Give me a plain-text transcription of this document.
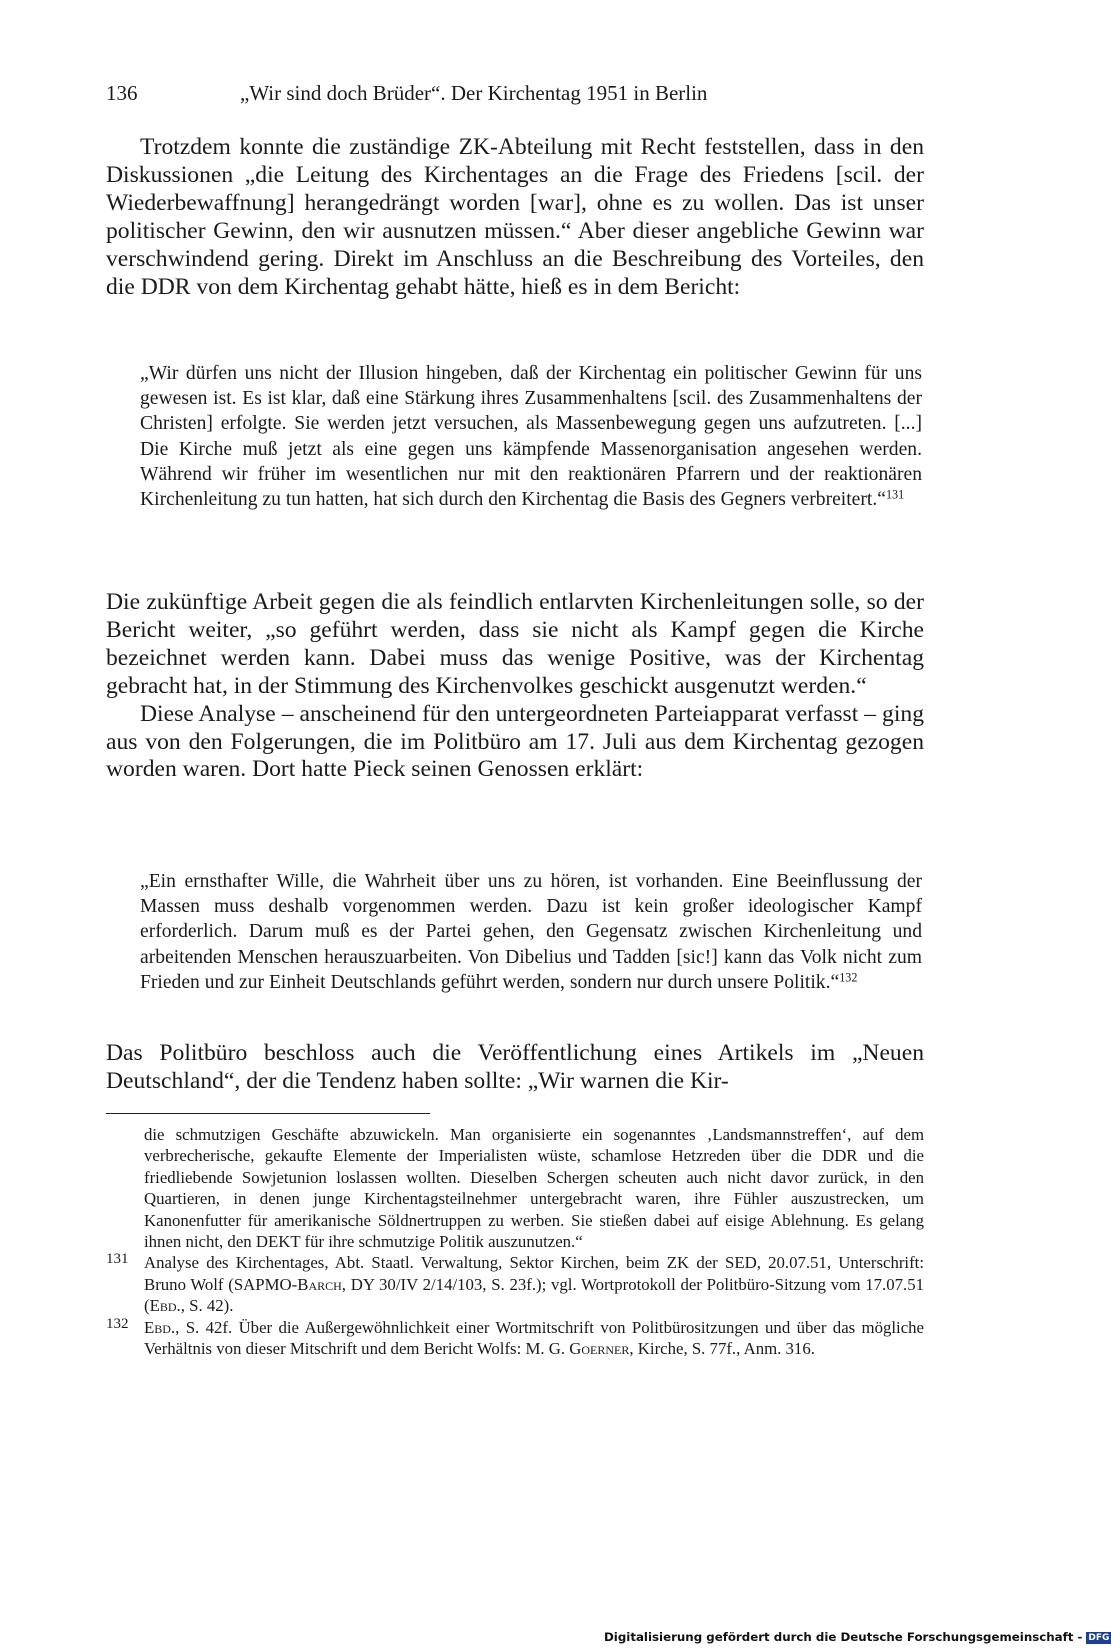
136	„Wir sind doch Brüder“. Der Kirchentag 1951 in Berlin

Trotzdem konnte die zuständige ZK-Abteilung mit Recht feststellen, dass in den Diskussionen „die Leitung des Kirchentages an die Frage des Friedens [scil. der Wiederbewaffnung] herangedrängt worden [war], ohne es zu wollen. Das ist unser politischer Gewinn, den wir ausnutzen müssen.“ Aber dieser angebliche Gewinn war verschwindend gering. Direkt im Anschluss an die Beschreibung des Vorteiles, den die DDR von dem Kirchentag gehabt hätte, hieß es in dem Bericht:

„Wir dürfen uns nicht der Illusion hingeben, daß der Kirchentag ein politischer Gewinn für uns gewesen ist. Es ist klar, daß eine Stärkung ihres Zusammenhaltens [scil. des Zusammenhaltens der Christen] erfolgte. Sie werden jetzt versuchen, als Massenbewegung gegen uns aufzutreten. [...] Die Kirche muß jetzt als eine gegen uns kämpfende Massenorganisation angesehen werden. Während wir früher im wesentlichen nur mit den reaktionären Pfarrern und der reaktionären Kirchenleitung zu tun hatten, hat sich durch den Kirchentag die Basis des Gegners verbreitert.“$^{131}$

Die zukünftige Arbeit gegen die als feindlich entlarvten Kirchenleitungen solle, so der Bericht weiter, „so geführt werden, dass sie nicht als Kampf gegen die Kirche bezeichnet werden kann. Dabei muss das wenige Positive, was der Kirchentag gebracht hat, in der Stimmung des Kirchenvolkes geschickt ausgenutzt werden.“

Diese Analyse – anscheinend für den untergeordneten Parteiapparat verfasst – ging aus von den Folgerungen, die im Politbüro am 17. Juli aus dem Kirchentag gezogen worden waren. Dort hatte Pieck seinen Genossen erklärt:

„Ein ernsthafter Wille, die Wahrheit über uns zu hören, ist vorhanden. Eine Beeinflussung der Massen muss deshalb vorgenommen werden. Dazu ist kein großer ideologischer Kampf erforderlich. Darum muß es der Partei gehen, den Gegensatz zwischen Kirchenleitung und arbeitenden Menschen herauszuarbeiten. Von Dibelius und Tadden [sic!] kann das Volk nicht zum Frieden und zur Einheit Deutschlands geführt werden, sondern nur durch unsere Politik.“$^{132}$

Das Politbüro beschloss auch die Veröffentlichung eines Artikels im „Neuen Deutschland“, der die Tendenz haben sollte: „Wir warnen die Kir-

die schmutzigen Geschäfte abzuwickeln. Man organisierte ein sogenanntes ‚Landsmannstreffen‘, auf dem verbrecherische, gekaufte Elemente der Imperialisten wüste, schamlose Hetzreden über die DDR und die friedliebende Sowjetunion loslassen wollten. Dieselben Schergen scheuten auch nicht davor zurück, in den Quartieren, in denen junge Kirchentagsteilnehmer untergebracht waren, ihre Fühler auszustrecken, um Kanonenfutter für amerikanische Söldnertruppen zu werben. Sie stießen dabei auf eisige Ablehnung. Es gelang ihnen nicht, den DEKT für ihre schmutzige Politik auszunutzen.“

131 Analyse des Kirchentages, Abt. Staatl. Verwaltung, Sektor Kirchen, beim ZK der SED, 20.07.51, Unterschrift: Bruno Wolf (SAPMO-Barch, DY 30/IV 2/14/103, S. 23f.); vgl. Wortprotokoll der Politbüro-Sitzung vom 17.07.51 (Ebd., S. 42).

132 Ebd., S. 42f. Über die Außergewöhnlichkeit einer Wortmitschrift von Politbürositzungen und über das mögliche Verhältnis von dieser Mitschrift und dem Bericht Wolfs: M. G. Goerner, Kirche, S. 77f., Anm. 316.

Digitalisierung gefördert durch die Deutsche Forschungsgemeinschaft - DFG
